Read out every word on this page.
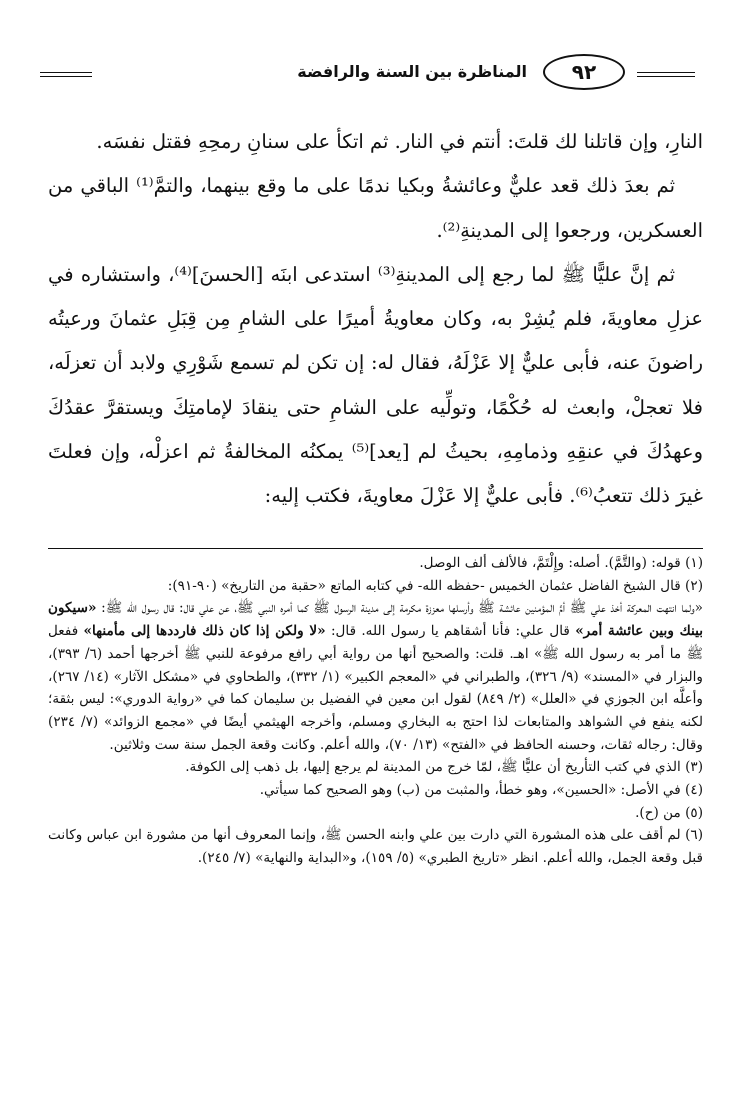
٩٢
المناظرة بين السنة والرافضة

النارِ، وإن قاتلنا لك قلتَ: أنتم في النار. ثم اتكأ على سنانِ رمحِهِ فقتل نفسَه.

ثم بعدَ ذلك قعد عليٌّ وعائشةُ وبكيا ندمًا على ما وقع بينهما، والتمَّ⁽¹⁾ الباقي من العسكرين، ورجعوا إلى المدينةِ⁽²⁾.

ثم إنَّ عليًّا ﷺ لما رجع إلى المدينةِ⁽³⁾ استدعى ابنَه [الحسنَ]⁽⁴⁾، واستشاره في عزلِ معاويةَ، فلم يُشِرْ به، وكان معاويةُ أميرًا على الشامِ مِن قِبَلِ عثمانَ ورعيتُه راضونَ عنه، فأبى عليٌّ إلا عَزْلَهُ، فقال له: إن تكن لم تسمع شَوْرِي ولابد أن تعزلَه، فلا تعجلْ، وابعث له حُكْمًا، وتولِّيه على الشامِ حتى ينقادَ لإمامتِكَ ويستقرَّ عقدُكَ وعهدُكَ في عنقِهِ وذمامِهِ، بحيثُ لم [يعد]⁽⁵⁾ يمكنُه المخالفةُ ثم اعزلْه، وإن فعلتَ غيرَ ذلك تتعبُ⁽⁶⁾. فأبى عليٌّ إلا عَزْلَ معاويةَ، فكتب إليه:

(١) قوله: (والتَّمَّ). أصله: وإِلْتَمَّ، فالألف ألف الوصل.

(٢) قال الشيخ الفاضل عثمان الخميس -حفظه الله- في كتابه الماتع «حقبة من التاريخ» (٩٠-٩١):

«ولما انتهت المعركة أخذ علي ﷺ أمَّ المؤمنين عائشة ﷺ وأرسلها معززة مكرمة إلى مدينة الرسول ﷺ كما أمره النبي ﷺ، عن علي قال: قال رسول الله ﷺ: «سيكون بينك وبين عائشة أمر» قال علي: فأنا أشقاهم يا رسول الله. قال: «لا ولكن إذا كان ذلك فارددها إلى مأمنها» ففعل ﷺ ما أمر به رسول الله ﷺ» اهـ. قلت: والصحيح أنها من رواية أبي رافع مرفوعة للنبي ﷺ أخرجها أحمد (٦/ ٣٩٣)، والبزار في «المسند» (٩/ ٣٢٦)، والطبراني في «المعجم الكبير» (١/ ٣٣٢)، والطحاوي في «مشكل الآثار» (١٤/ ٢٦٧)، وأعلَّه ابن الجوزي في «العلل» (٢/ ٨٤٩) لقول ابن معين في الفضيل بن سليمان كما في «رواية الدوري»: ليس بثقة؛ لكنه ينفع في الشواهد والمتابعات لذا احتج به البخاري ومسلم، وأخرجه الهيثمي أيضًا في «مجمع الزوائد» (٧/ ٢٣٤) وقال: رجاله ثقات، وحسنه الحافظ في «الفتح» (١٣/ ٧٠)، والله أعلم. وكانت وقعة الجمل سنة ست وثلاثين.

(٣) الذي في كتب التأريخ أن عليًّا ﷺ، لمّا خرج من المدينة لم يرجع إليها، بل ذهب إلى الكوفة.

(٤) في الأصل: «الحسين»، وهو خطأ، والمثبت من (ب) وهو الصحيح كما سيأتي.

(٥) من (ح).

(٦) لم أقف على هذه المشورة التي دارت بين علي وابنه الحسن ﷺ، وإنما المعروف أنها من مشورة ابن عباس وكانت قبل وقعة الجمل، والله أعلم. انظر «تاريخ الطبري» (٥/ ١٥٩)، و«البداية والنهاية» (٧/ ٢٤٥).
